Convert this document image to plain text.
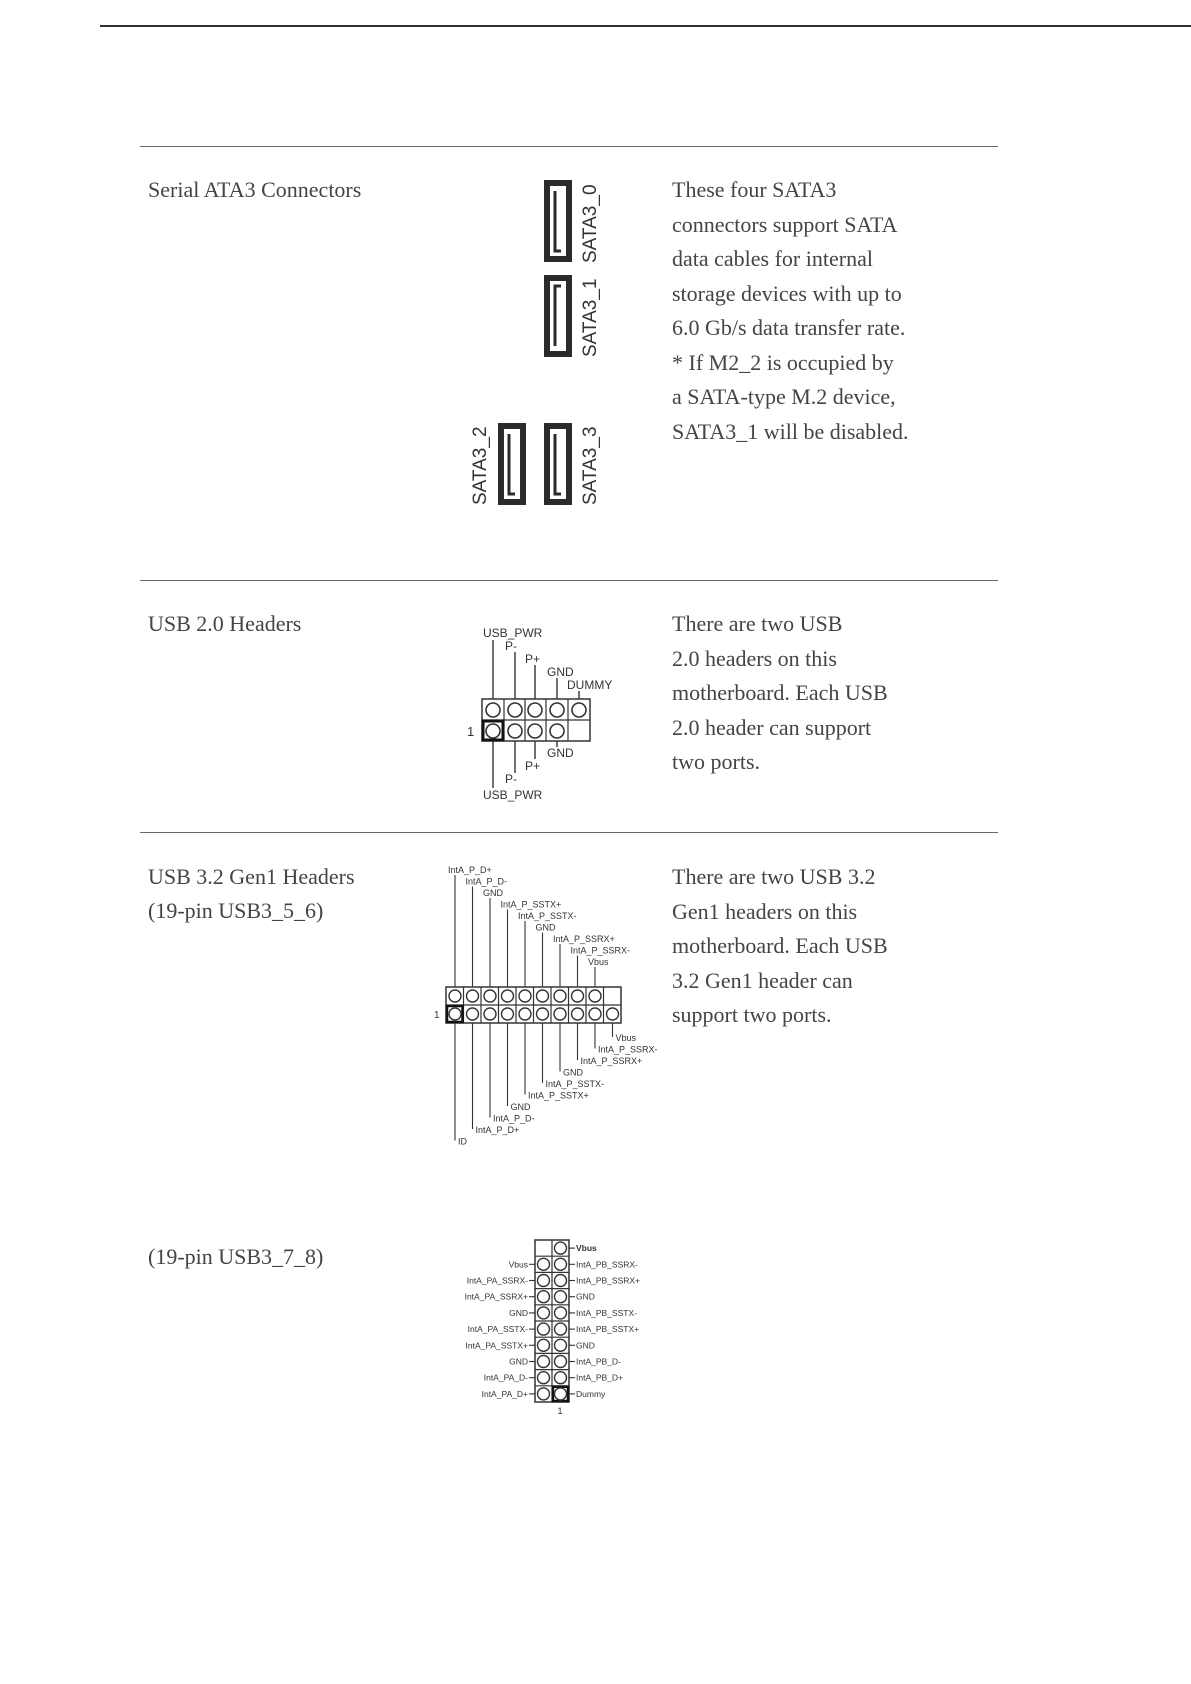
Serial ATA3 Connectors	SATA3_0
SATA3_1
SATA3_2	SATA3_3
These four SATA3
connectors support SATA
data cables for internal
storage devices with up to
6.0 Gb/s data transfer rate.
* If M2_2 is occupied by
a SATA-type M.2 device,
SATA3_1 will be disabled.
USB 2.0 Headers	USB_PWR
P-
P+
GND
DUMMY
1
GND
P+
P-
USB_PWR
There are two USB
2.0 headers on this
motherboard. Each USB
2.0 header can support
two ports.
USB 3.2 Gen1 Headers
(19-pin USB3_5_6)
IntA_P_D+
IntA_P_D-
GND
IntA_P_SSTX+
IntA_P_SSTX-
GND
IntA_P_SSRX+
IntA_P_SSRX-
Vbus
Vbus
IntA_P_SSRX-
IntA_P_SSRX+
GND
IntA_P_SSTX-
IntA_P_SSTX+
GND
IntA_P_D-
IntA_P_D+
ID
1
There are two USB 3.2
Gen1 headers on this
motherboard. Each USB
3.2 Gen1 header can
support two ports.
(19-pin USB3_7_8)	Vbus
IntA_PB_SSRX-
IntA_PB_SSRX+
GND
IntA_PB_SSTX-
IntA_PB_SSTX+
GND
IntA_PB_D-
IntA_PB_D+
Dummy
Vbus
IntA_PA_SSRX-
IntA_PA_SSRX+
GND
IntA_PA_SSTX-
IntA_PA_SSTX+
GND
IntA_PA_D-
IntA_PA_D+
1
